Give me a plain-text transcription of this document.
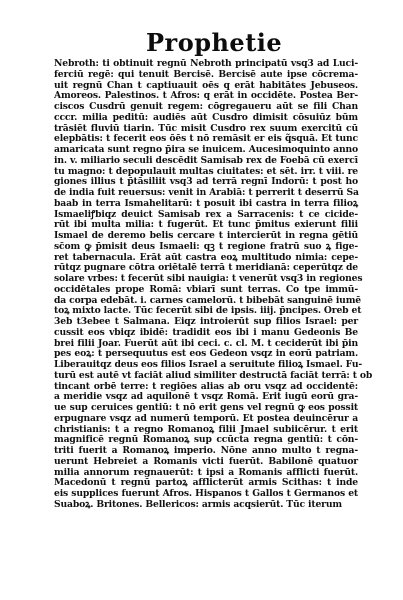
Prophetie
Nebroth: ti obtinuit regnū Nebroth principatū vsq3 ad Luci-
ferciū regē: qui tenuit Bercisē. Bercisē aute ipse cōcrema-
uit regnū Chan t captiuauit oēs q erāt habitātes Jebuseos.
Amoreos. Palestinos. t Afros: q erāt in occidēte. Postea Ber-
ciscos Cusdrū genuit regem: cōgregaueru aūt se fili Chan
cccr. milia peditū: audiēs aūt Cusdro dimisit cōsuiūz būm
trāsiēt fluviū tiarin. Tūc misit Cusdro rex suum exercitū cū
elepbātis: t fecerit eos ōēs t nō remāsit er eis q̃squā. Et tunc
amaricata sunt regno p̄ira se inuicem. Aucesimoquinto anno
in. v. miliario seculi descēdit Samisab rex de Foebā cū exercī
tu magno: t depopulauit multas ciuitates: et sēt. irr. t viii. re
giones illius t p̄tāsiliit vsq3 ad terrā regnī Indorū: t post ho
de india fuit reuersus: venit in Arabiā: t perrerit t deserrū Sa
baab in terra Ismahelitarū: t posuit ibi castra in terra filioꝝ
Ismaeliꝭbiqz deuict Samisab rex a Sarracenis: t ce cicide-
rūt ibi multa milia: t fugerūt. Et tunc p̄mitus exierunt filii
Ismael de deremo belis cercare t intercierūt in regna gētiū
sc̄om ꝙ p̄misit deus Ismaeli: qꝫ t regione fratrū suo ꝝ fige-
ret tabernacula. Erāt aūt castra eoꝝ multitudo nimia: cepe-
rūtqz pugnare cōtra oriētalē terrā t meridianā: ceperūtqz de
solare vrbes: t fecerūt sibi nauigia: t venerūt vsq3 in regiones
occidētales prope Romā: vbiarī sunt terras. Co tpe immū-
da corpa edebāt. i. carnes camelorū. t bibebāt sanguinē iumē
toꝝ mixto lacte. Tūc fecerūt sibi de ipsis. iiij. p̄ncipes. Oreb et
3eb t3ebee t Salmana. Eiqz introierūt sup filios Israel: per
cussit eos vbiqz ibidē: tradidit eos ibi i manu Gedeonis Be
brei filii Joar. Fuerūt aūt ibi ceci. c. cl. M. t ceciderūt ibi p̄in
pes eoꝝ: t persequutus est eos Gedeon vsqz in eorū patriam.
Liberauitqz deus eos filios Israel a seruitute filioꝝ Ismael. Fu-
turū est autē vt faciāt aliud similiter destructā faciāt terrā: t ob
tincant orbē terre: t regiōes alias ab oru vsqz ad occidentē:
a meridie vsqz ad aquilonē t vsqz Romā. Erit iugū eorū gra-
ue sup ceruices gentiū: t nō erit gens vel regnū ꝙ eos possit
erpugnare vsqz ad numerū temporū. Et postea deuincērur a
christianis: t a regno Romanoꝝ filii Jmael subiicērur. t erit
magnificē regnū Romanoꝝ sup ccūcta regna gentiū: t cōn-
triti fuerit a Romanoꝝ imperio. Nōne anno multo t regna-
uerunt Hebreiet a Romanis victi fuerūt. Babilonē quatuor
milia annorum regnauerūt: t ipsi a Romanis afflicti fuerūt.
Macedonū t regnū partoꝝ afflicterūt armis Scithas: t inde
eis supplices fuerunt Afros. Hispanos t Gallos t Germanos et
Suaboꝝ. Britones. Bellericos: armis acqsierūt. Tūc iterum
